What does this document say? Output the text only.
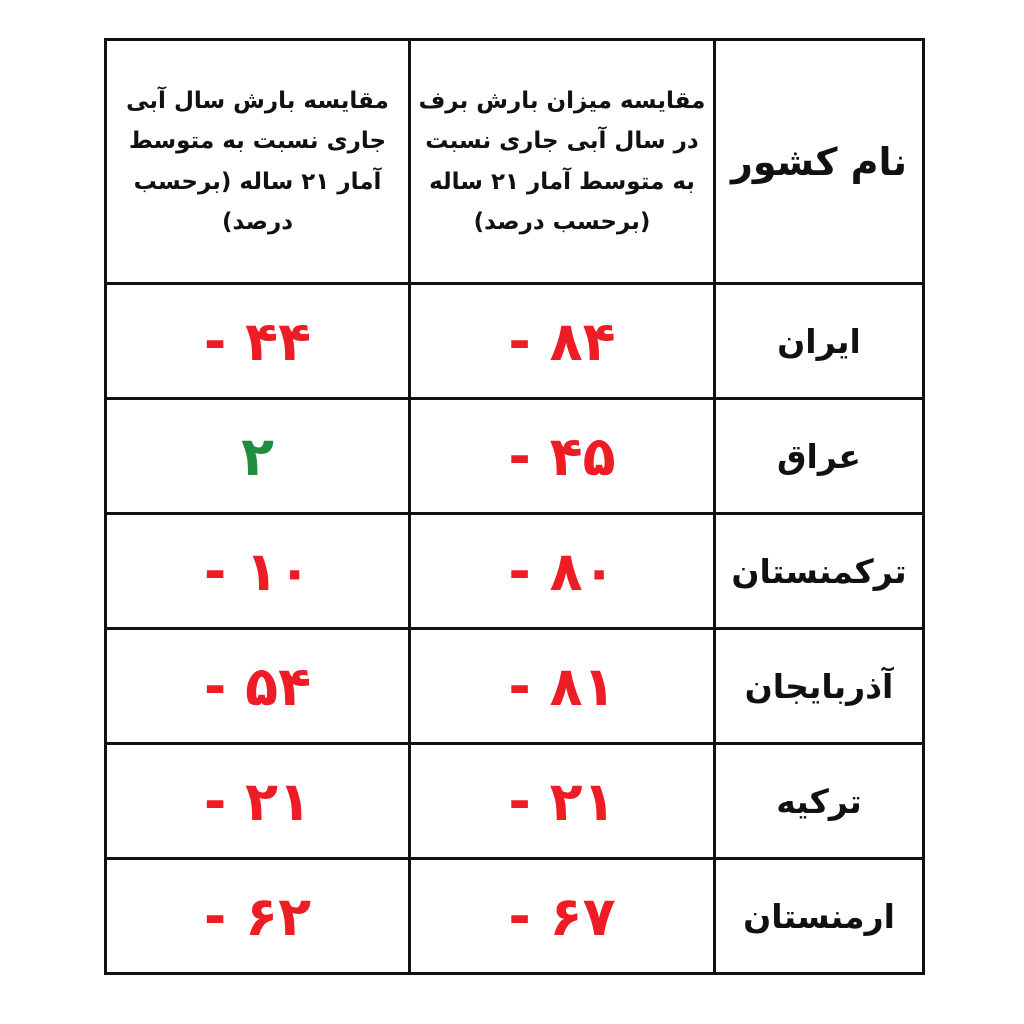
نام کشور	مقایسه میزان بارش برف در سال آبی جاری نسبت به متوسط آمار ۲۱ ساله (برحسب درصد)	مقایسه بارش سال آبی جاری نسبت به متوسط آمار ۲۱ ساله (برحسب درصد)
ایران	- ۸۴	- ۴۴
عراق	- ۴۵	۲
ترکمنستان	- ۸۰	- ۱۰
آذربایجان	- ۸۱	- ۵۴
ترکیه	- ۲۱	- ۲۱
ارمنستان	- ۶۷	- ۶۲
